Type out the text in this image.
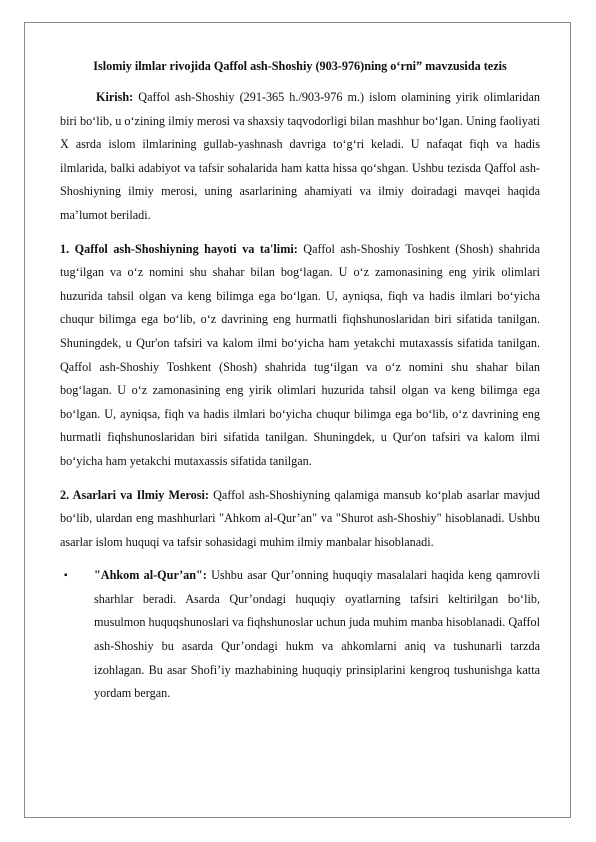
Islomiy ilmlar rivojida Qaffol ash-Shoshiy (903-976)ning o‘rni” mavzusida tezis

Kirish: Qaffol ash-Shoshiy (291-365 h./903-976 m.) islom olamining yirik olimlaridan biri bo‘lib, u o‘zining ilmiy merosi va shaxsiy taqvodorligi bilan mashhur bo‘lgan. Uning faoliyati X asrda islom ilmlarining gullab-yashnash davriga to‘g‘ri keladi. U nafaqat fiqh va hadis ilmlarida, balki adabiyot va tafsir sohalarida ham katta hissa qo‘shgan. Ushbu tezisda Qaffol ash-Shoshiyning ilmiy merosi, uning asarlarining ahamiyati va ilmiy doiradagi mavqei haqida ma’lumot beriladi.

1. Qaffol ash-Shoshiyning hayoti va ta'limi: Qaffol ash-Shoshiy Toshkent (Shosh) shahrida tug‘ilgan va o‘z nomini shu shahar bilan bog‘lagan. U o‘z zamonasining eng yirik olimlari huzurida tahsil olgan va keng bilimga ega bo‘lgan. U, ayniqsa, fiqh va hadis ilmlari bo‘yicha chuqur bilimga ega bo‘lib, o‘z davrining eng hurmatli fiqhshunoslaridan biri sifatida tanilgan. Shuningdek, u Qur'on tafsiri va kalom ilmi bo‘yicha ham yetakchi mutaxassis sifatida tanilgan. Qaffol ash-Shoshiy Toshkent (Shosh) shahrida tug‘ilgan va o‘z nomini shu shahar bilan bog‘lagan. U o‘z zamonasining eng yirik olimlari huzurida tahsil olgan va keng bilimga ega bo‘lgan. U, ayniqsa, fiqh va hadis ilmlari bo‘yicha chuqur bilimga ega bo‘lib, o‘z davrining eng hurmatli fiqhshunoslaridan biri sifatida tanilgan. Shuningdek, u Qur'on tafsiri va kalom ilmi bo‘yicha ham yetakchi mutaxassis sifatida tanilgan.

2. Asarlari va Ilmiy Merosi: Qaffol ash-Shoshiyning qalamiga mansub ko‘plab asarlar mavjud bo‘lib, ulardan eng mashhurlari "Ahkom al-Qur’an" va "Shurot ash-Shoshiy" hisoblanadi. Ushbu asarlar islom huquqi va tafsir sohasidagi muhim ilmiy manbalar hisoblanadi.

▪ "Ahkom al-Qur’an": Ushbu asar Qur’onning huquqiy masalalari haqida keng qamrovli sharhlar beradi. Asarda Qur’ondagi huquqiy oyatlarning tafsiri keltirilgan bo‘lib, musulmon huquqshunoslari va fiqhshunoslar uchun juda muhim manba hisoblanadi. Qaffol ash-Shoshiy bu asarda Qur’ondagi hukm va ahkomlarni aniq va tushunarli tarzda izohlagan. Bu asar Shofi’iy mazhabining huquqiy prinsiplarini kengroq tushunishga katta yordam bergan.
